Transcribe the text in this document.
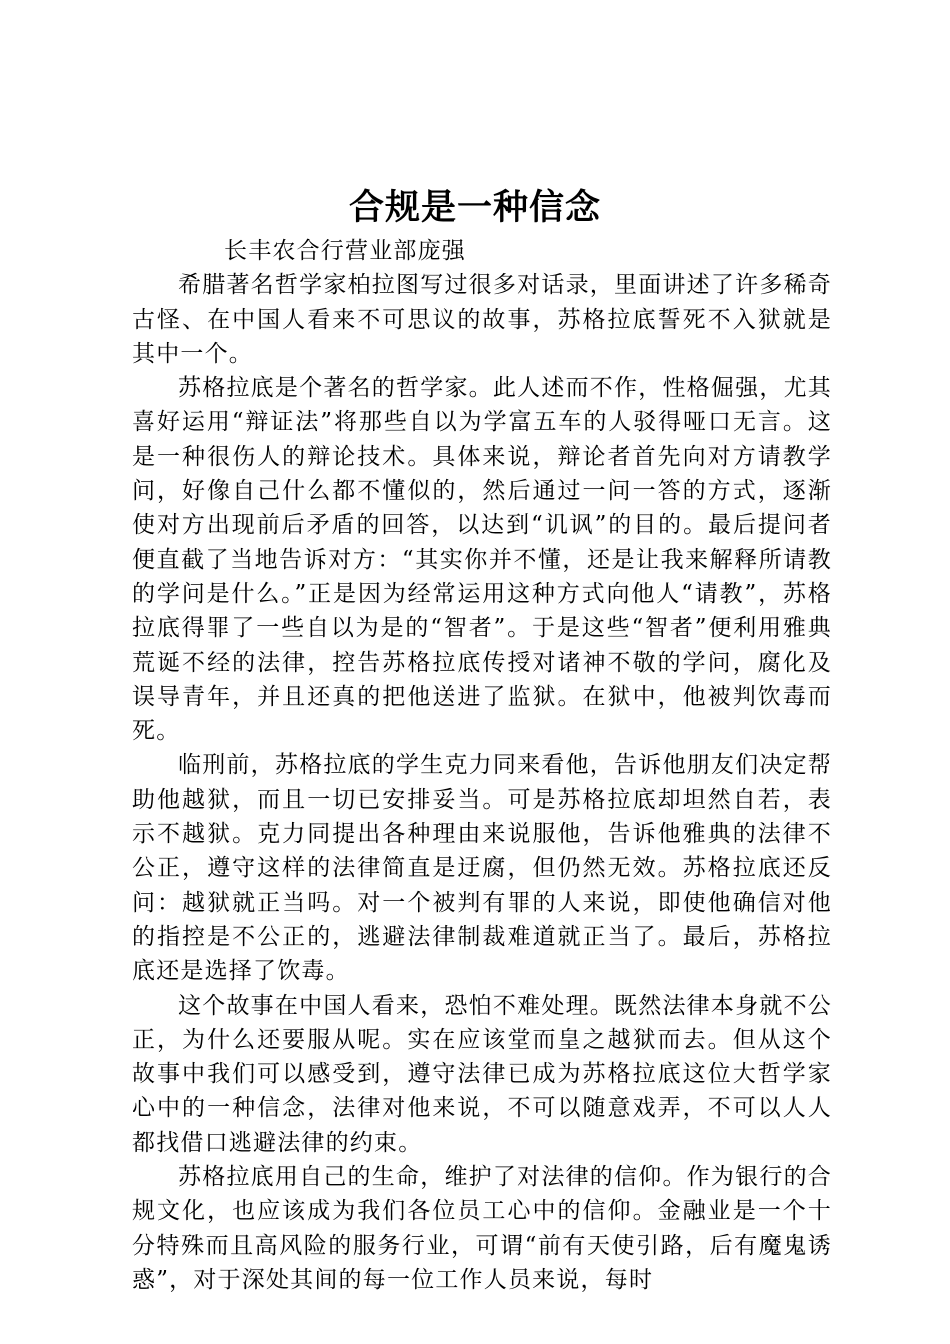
合规是一种信念

长丰农合行营业部庞强

希腊著名哲学家柏拉图写过很多对话录，里面讲述了许多稀奇古怪、在中国人看来不可思议的故事，苏格拉底誓死不入狱就是其中一个。

苏格拉底是个著名的哲学家。此人述而不作，性格倔强，尤其喜好运用“辩证法”将那些自以为学富五车的人驳得哑口无言。这是一种很伤人的辩论技术。具体来说，辩论者首先向对方请教学问，好像自己什么都不懂似的，然后通过一问一答的方式，逐渐使对方出现前后矛盾的回答，以达到“讥讽”的目的。最后提问者便直截了当地告诉对方：“其实你并不懂，还是让我来解释所请教的学问是什么。”正是因为经常运用这种方式向他人“请教”，苏格拉底得罪了一些自以为是的“智者”。于是这些“智者”便利用雅典荒诞不经的法律，控告苏格拉底传授对诸神不敬的学问，腐化及误导青年，并且还真的把他送进了监狱。在狱中，他被判饮毒而死。

临刑前，苏格拉底的学生克力同来看他，告诉他朋友们决定帮助他越狱，而且一切已安排妥当。可是苏格拉底却坦然自若，表示不越狱。克力同提出各种理由来说服他，告诉他雅典的法律不公正，遵守这样的法律简直是迂腐，但仍然无效。苏格拉底还反问：越狱就正当吗。对一个被判有罪的人来说，即使他确信对他的指控是不公正的，逃避法律制裁难道就正当了。最后，苏格拉底还是选择了饮毒。

这个故事在中国人看来，恐怕不难处理。既然法律本身就不公正，为什么还要服从呢。实在应该堂而皇之越狱而去。但从这个故事中我们可以感受到，遵守法律已成为苏格拉底这位大哲学家心中的一种信念，法律对他来说，不可以随意戏弄，不可以人人都找借口逃避法律的约束。

苏格拉底用自己的生命，维护了对法律的信仰。作为银行的合规文化，也应该成为我们各位员工心中的信仰。金融业是一个十分特殊而且高风险的服务行业，可谓“前有天使引路，后有魔鬼诱惑”，对于深处其间的每一位工作人员来说，每时
